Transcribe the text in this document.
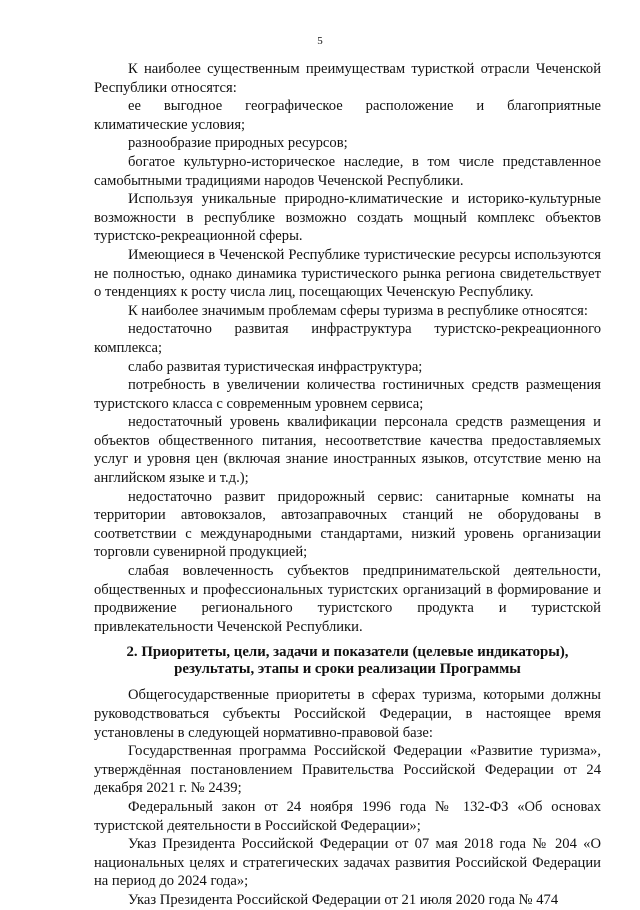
5

К наиболее существенным преимуществам туристкой отрасли Чеченской Республики относятся:

ее выгодное географическое расположение и благоприятные климатические условия;

разнообразие природных ресурсов;

богатое культурно-историческое наследие, в том числе представленное самобытными традициями народов Чеченской Республики.

Используя уникальные природно-климатические и историко-культурные возможности в республике возможно создать мощный комплекс объектов туристско-рекреационной сферы.

Имеющиеся в Чеченской Республике туристические ресурсы используются не полностью, однако динамика туристического рынка региона свидетельствует о тенденциях к росту числа лиц, посещающих Чеченскую Республику.

К наиболее значимым проблемам сферы туризма в республике относятся:

недостаточно развитая инфраструктура туристско-рекреационного комплекса;

слабо развитая туристическая инфраструктура;

потребность в увеличении количества гостиничных средств размещения туристского класса с современным уровнем сервиса;

недостаточный уровень квалификации персонала средств размещения и объектов общественного питания, несоответствие качества предоставляемых услуг и уровня цен (включая знание иностранных языков, отсутствие меню на английском языке и т.д.);

недостаточно развит придорожный сервис: санитарные комнаты на территории автовокзалов, автозаправочных станций не оборудованы в соответствии с международными стандартами, низкий уровень организации торговли сувенирной продукцией;

слабая вовлеченность субъектов предпринимательской деятельности, общественных и профессиональных туристских организаций в формирование и продвижение регионального туристского продукта и туристской привлекательности Чеченской Республики.

2. Приоритеты, цели, задачи и показатели (целевые индикаторы),
результаты, этапы и сроки реализации Программы

Общегосударственные приоритеты в сферах туризма, которыми должны руководствоваться субъекты Российской Федерации, в настоящее время установлены в следующей нормативно-правовой базе:

Государственная программа Российской Федерации «Развитие туризма», утверждённая постановлением Правительства Российской Федерации от 24 декабря 2021 г. № 2439;

Федеральный закон от 24 ноября 1996 года № 132-ФЗ «Об основах туристской деятельности в Российской Федерации»;

Указ Президента Российской Федерации от 07 мая 2018 года № 204 «О национальных целях и стратегических задачах развития Российской Федерации на период до 2024 года»;

Указ Президента Российской Федерации от 21 июля 2020 года № 474
